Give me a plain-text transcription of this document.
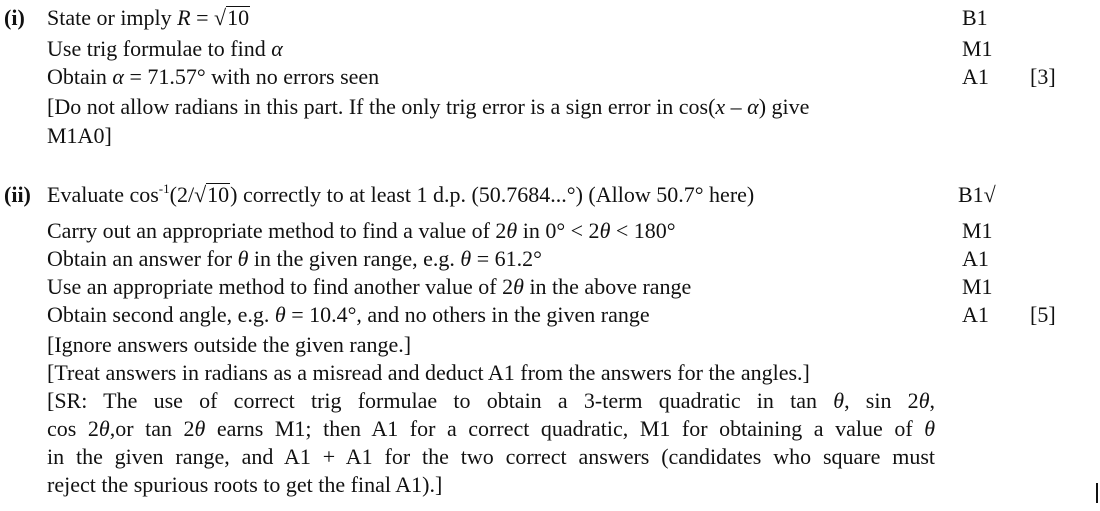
(i) State or imply R = √10
Use trig formulae to find α
Obtain α = 71.57° with no errors seen
[Do not allow radians in this part. If the only trig error is a sign error in cos(x – α) give
M1A0]
B1
M1
A1 [3]
(ii) Evaluate $\cos^{-1}(2/√10)$ correctly to at least 1 d.p. (50.7684...°) (Allow 50.7° here)
Carry out an appropriate method to find a value of 2θ in 0° < 2θ < 180°
Obtain an answer for θ in the given range, e.g. θ = 61.2°
Use an appropriate method to find another value of 2θ in the above range
Obtain second angle, e.g. θ = 10.4°, and no others in the given range
[Ignore answers outside the given range.]
[Treat answers in radians as a misread and deduct A1 from the answers for the angles.]
[SR: The use of correct trig formulae to obtain a 3-term quadratic in tan θ, sin 2θ,
cos 2θ,or tan 2θ earns M1; then A1 for a correct quadratic, M1 for obtaining a value of θ
in the given range, and A1 + A1 for the two correct answers (candidates who square must
reject the spurious roots to get the final A1).]
B1√
M1
A1
M1
A1 [5]
